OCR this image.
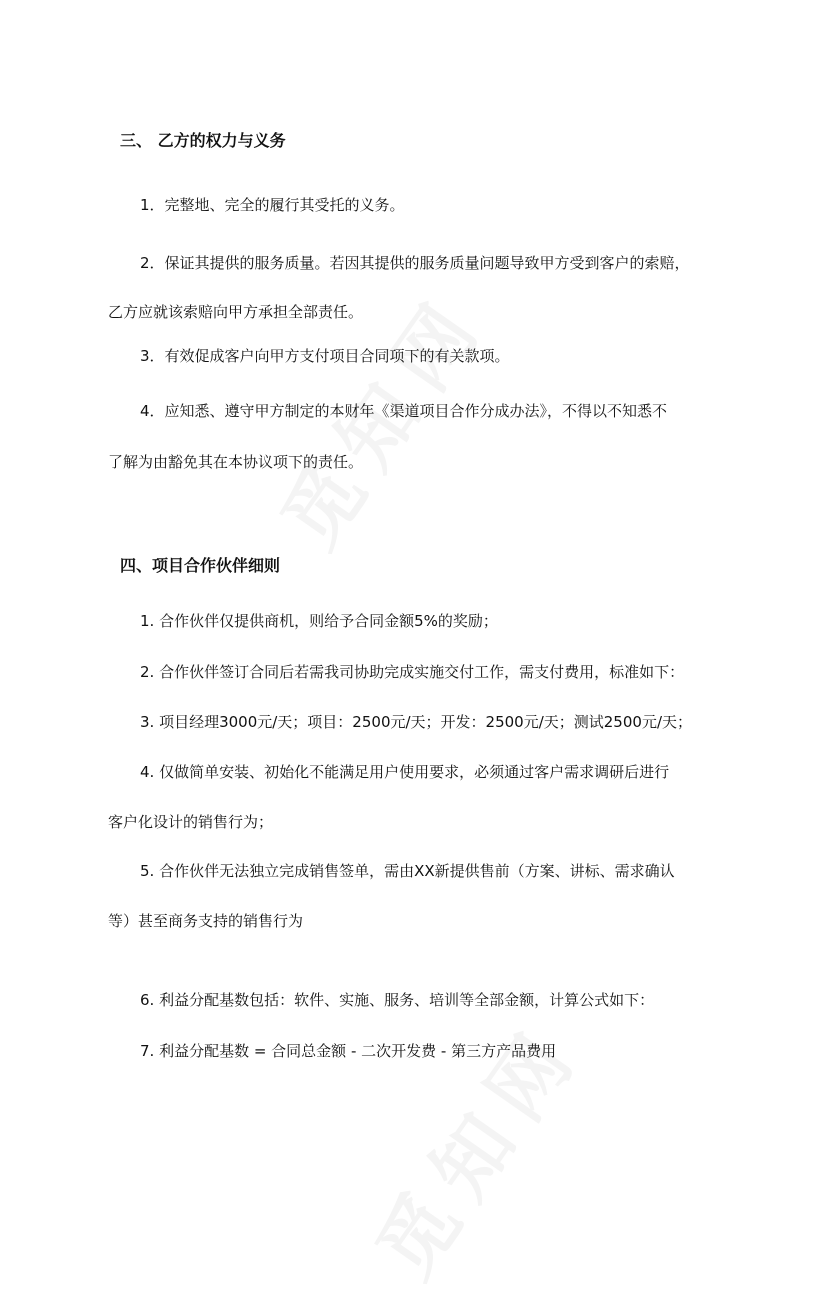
三、 乙方的权力与义务
1．完整地、完全的履行其受托的义务。
2．保证其提供的服务质量。若因其提供的服务质量问题导致甲方受到客户的索赔，
乙方应就该索赔向甲方承担全部责任。
3．有效促成客户向甲方支付项目合同项下的有关款项。
4．应知悉、遵守甲方制定的本财年《渠道项目合作分成办法》，不得以不知悉不
了解为由豁免其在本协议项下的责任。
四、项目合作伙伴细则
1. 合作伙伴仅提供商机，则给予合同金额5%的奖励；
2. 合作伙伴签订合同后若需我司协助完成实施交付工作，需支付费用，标准如下：
3. 项目经理3000元/天；项目：2500元/天；开发：2500元/天；测试2500元/天；
4. 仅做简单安装、初始化不能满足用户使用要求，必须通过客户需求调研后进行
客户化设计的销售行为；
5. 合作伙伴无法独立完成销售签单，需由XX新提供售前（方案、讲标、需求确认
等）甚至商务支持的销售行为
6. 利益分配基数包括：软件、实施、服务、培训等全部金额，计算公式如下：
7. 利益分配基数 = 合同总金额 - 二次开发费 - 第三方产品费用
